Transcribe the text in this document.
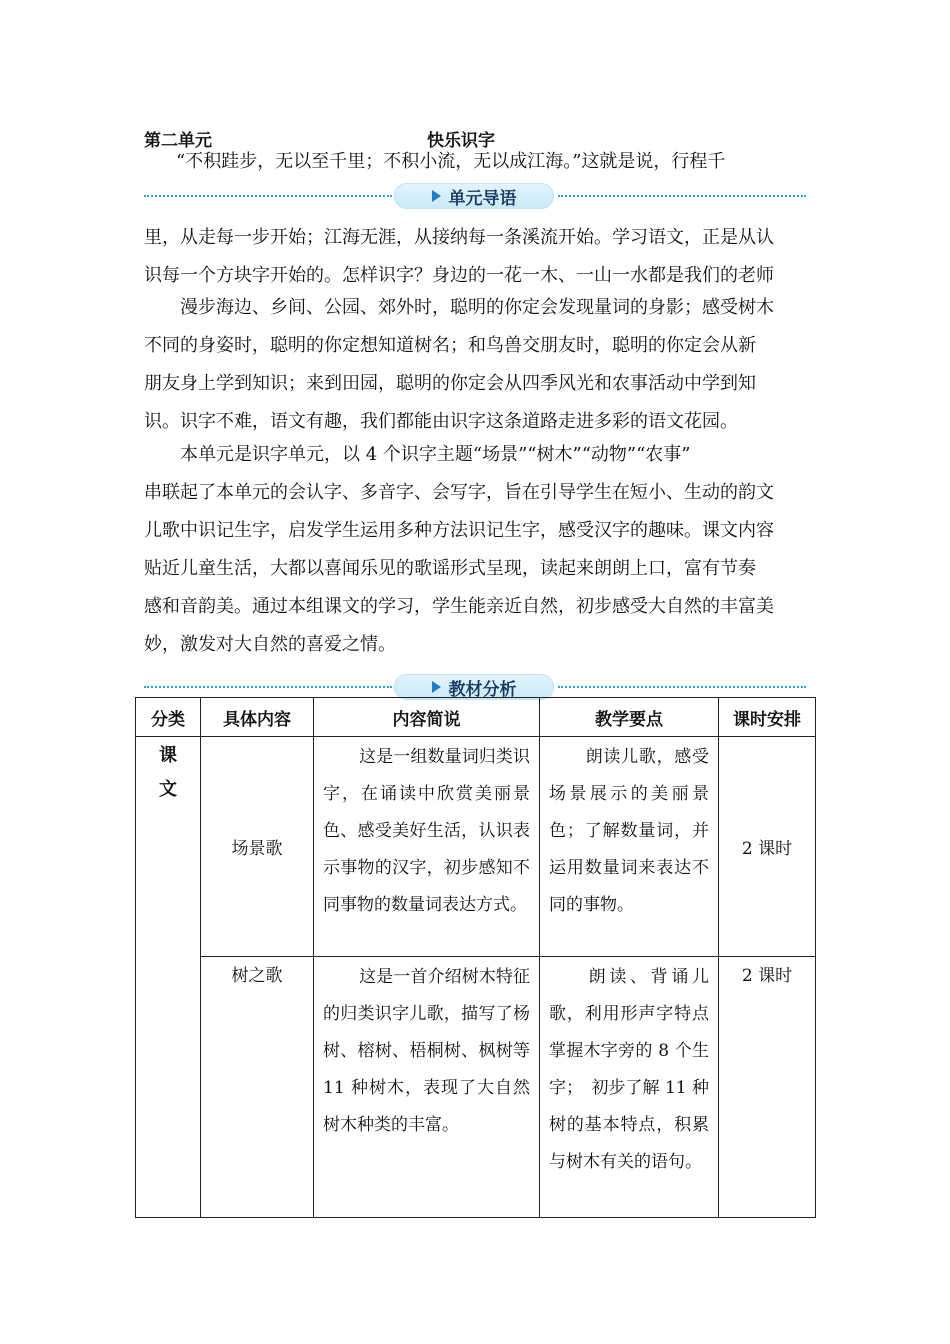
第二单元	快乐识字
“不积跬步，无以至千里；不积小流，无以成江海。”这就是说，行程千
单元导语
里，从走每一步开始；江海无涯，从接纳每一条溪流开始。学习语文，正是从认
识每一个方块字开始的。怎样识字？身边的一花一木、一山一水都是我们的老师
漫步海边、乡间、公园、郊外时，聪明的你定会发现量词的身影；感受树木
不同的身姿时，聪明的你定想知道树名；和鸟兽交朋友时，聪明的你定会从新
朋友身上学到知识；来到田园，聪明的你定会从四季风光和农事活动中学到知
识。识字不难，语文有趣，我们都能由识字这条道路走进多彩的语文花园。
本单元是识字单元，以 4 个识字主题“场景”“树木”“动物”“农事”
串联起了本单元的会认字、多音字、会写字，旨在引导学生在短小、生动的韵文
儿歌中识记生字，启发学生运用多种方法识记生字，感受汉字的趣味。课文内容
贴近儿童生活，大都以喜闻乐见的歌谣形式呈现，读起来朗朗上口，富有节奏
感和音韵美。通过本组课文的学习，学生能亲近自然，初步感受大自然的丰富美
妙，激发对大自然的喜爱之情。
教材分析
分类	具体内容	内容简说	教学要点	课时安排

课
文	场景歌	这是一组数量词归类识字，在诵读中欣赏美丽景色、感受美好生活，认识表示事物的汉字，初步感知不同事物的数量词表达方式。	朗读儿歌，感受场景展示的美丽景色；了解数量词，并运用数量词来表达不同的事物。	2 课时
	树之歌	这是一首介绍树木特征的归类识字儿歌，描写了杨树、榕树、梧桐树、枫树等 11 种树木，表现了大自然树木种类的丰富。	朗读、背诵儿歌，利用形声字特点掌握木字旁的 8 个生字；　初步了解 11 种树的基本特点，积累与树木有关的语句。	2 课时
